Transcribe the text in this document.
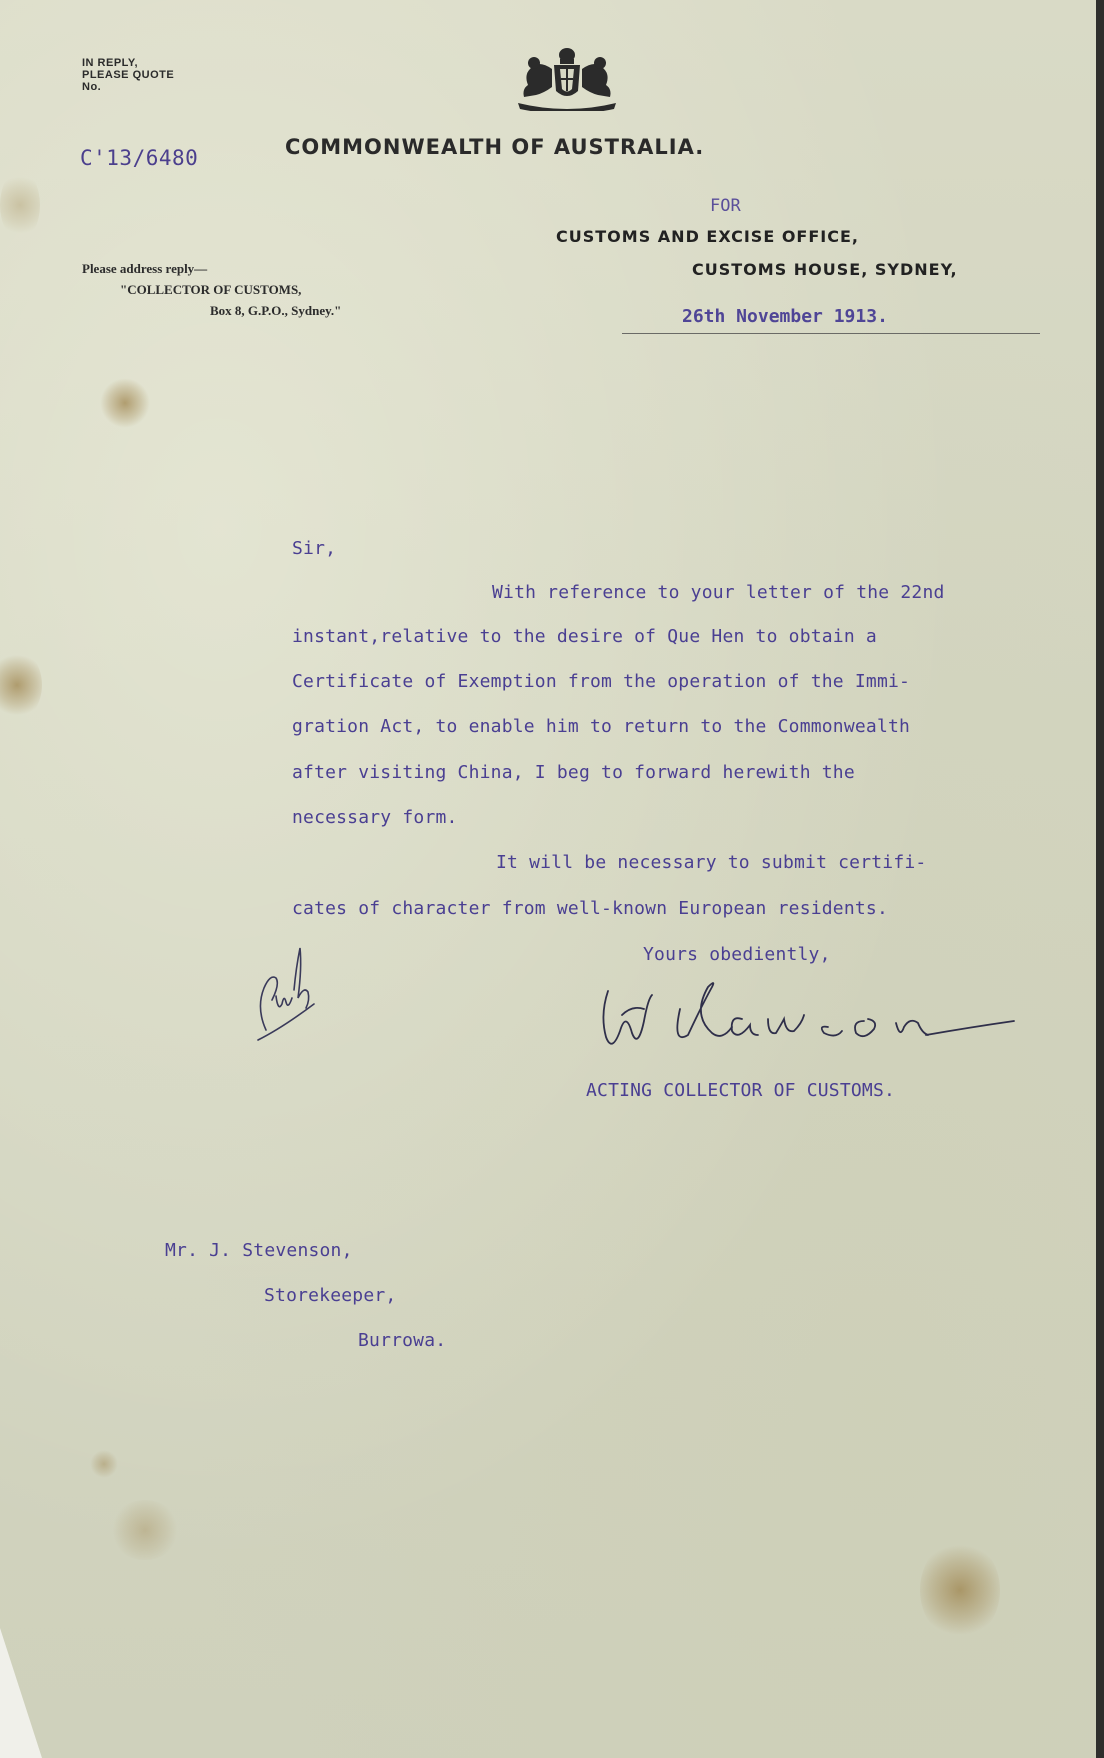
IN REPLY,
PLEASE QUOTE
No.
C'13/6480	COMMONWEALTH OF AUSTRALIA.
FOR
CUSTOMS AND EXCISE OFFICE,
CUSTOMS HOUSE, SYDNEY,
Please address reply—
"COLLECTOR OF CUSTOMS,
Box 8, G.P.O., Sydney."	26th November 1913.
Sir,
With reference to your letter of the 22nd
instant,relative to the desire of Que Hen to obtain a
Certificate of Exemption from the operation of the Immi-
gration Act, to enable him to return to the Commonwealth
after visiting China, I beg to forward herewith the
necessary form.
It will be necessary to submit certifi-
cates of character from well-known European residents.
Yours obediently,
ACTING COLLECTOR OF CUSTOMS.
Mr. J. Stevenson,
Storekeeper,
Burrowa.
